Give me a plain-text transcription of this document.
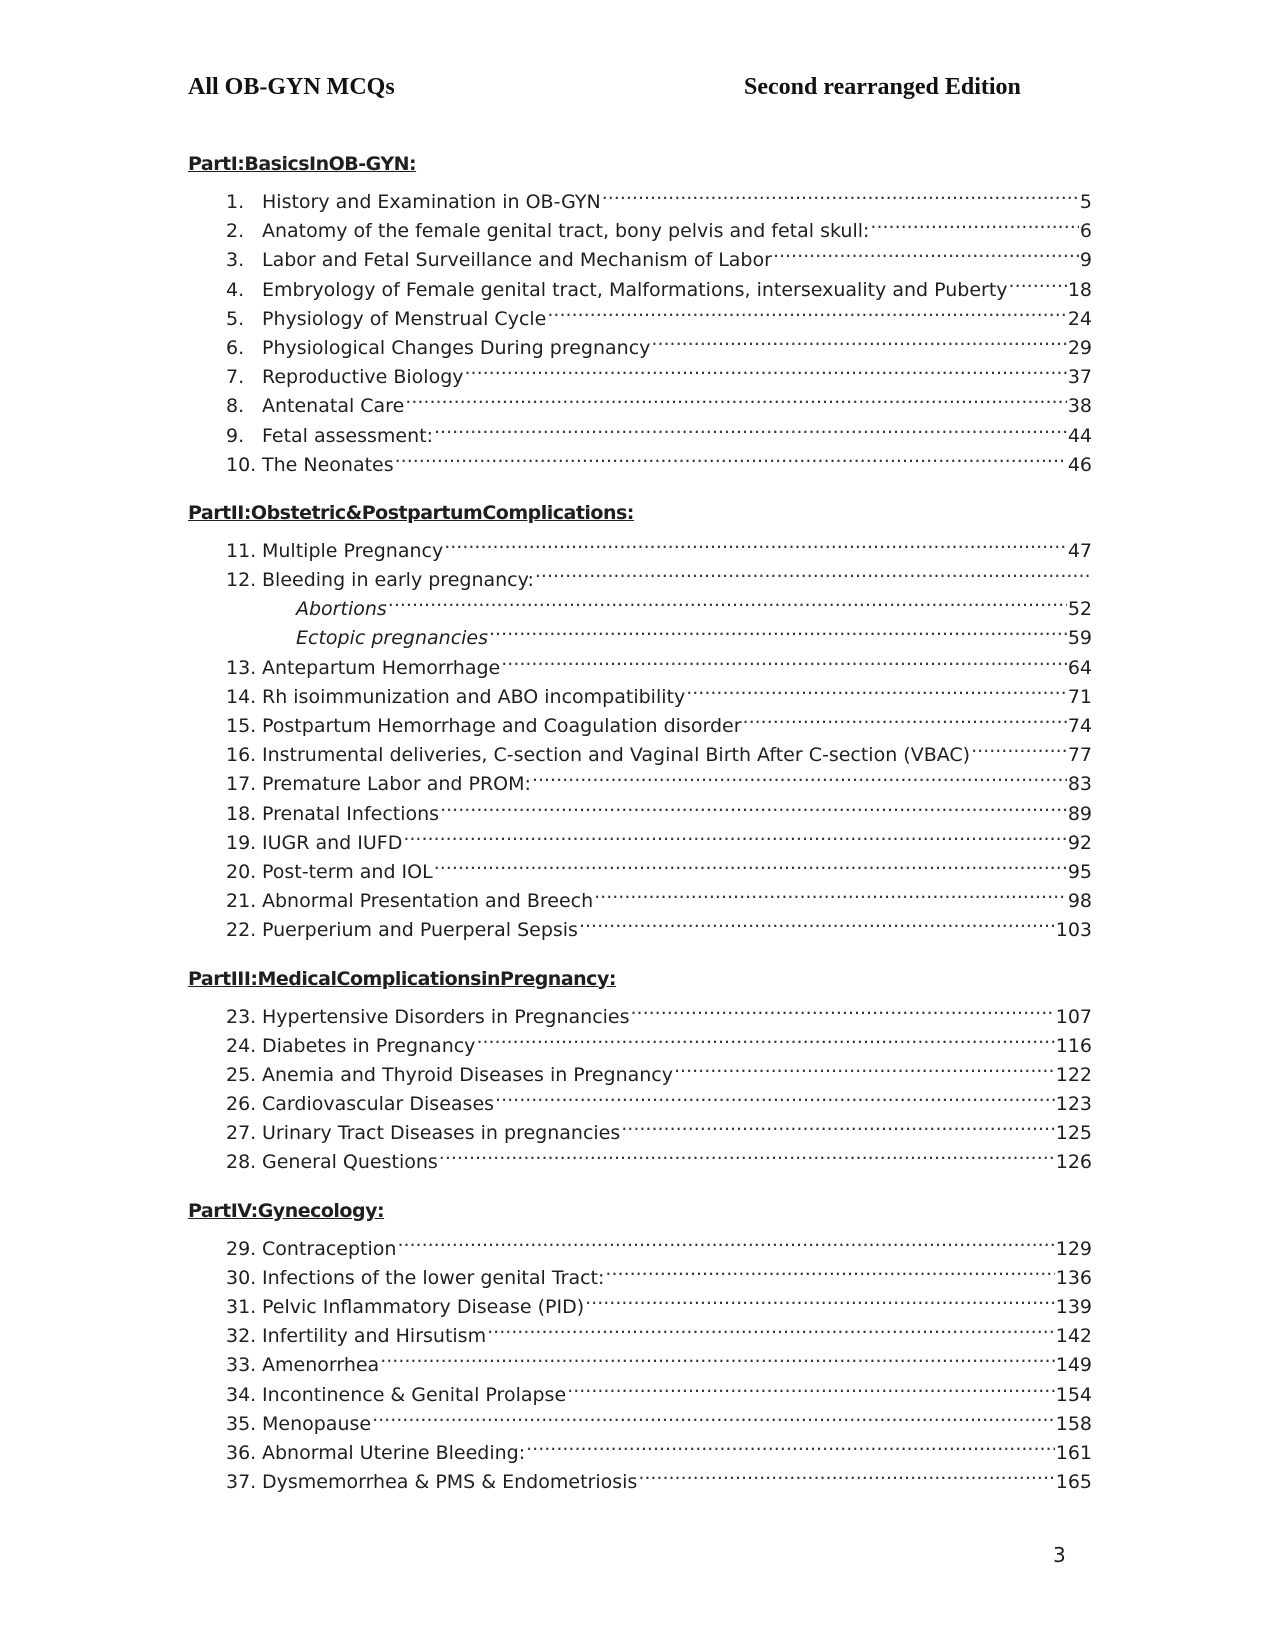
All OB-GYN MCQs	Second rearranged Edition
PartI:BasicsInOB-GYN:
1. History and Examination in OB-GYN .....	5
2. Anatomy of the female genital tract, bony pelvis and fetal skull: .....	6
3. Labor and Fetal Surveillance and Mechanism of Labor .....	9
4. Embryology of Female genital tract, Malformations, intersexuality and Puberty .....	18
5. Physiology of Menstrual Cycle .....	24
6. Physiological Changes During pregnancy .....	29
7. Reproductive Biology .....	37
8. Antenatal Care .....	38
9. Fetal assessment: .....	44
10. The Neonates .....	46
PartII:Obstetric&PostpartumComplications:
11. Multiple Pregnancy .....	47
12. Bleeding in early pregnancy:
.....
Abortions .....	52
Ectopic pregnancies .....	59
13. Antepartum Hemorrhage .....	64
14. Rh isoimmunization and ABO incompatibility .....	71
15. Postpartum Hemorrhage and Coagulation disorder .....	74
16. Instrumental deliveries, C-section and Vaginal Birth After C-section (VBAC) .....	77
17. Premature Labor and PROM: .....	83
18. Prenatal Infections .....	89
19. IUGR and IUFD .....	92
20. Post-term and IOL .....	95
21. Abnormal Presentation and Breech .....	98
22. Puerperium and Puerperal Sepsis .....	103
PartIII:MedicalComplicationsinPregnancy:
23. Hypertensive Disorders in Pregnancies .....	107
24. Diabetes in Pregnancy .....	116
25. Anemia and Thyroid Diseases in Pregnancy .....	122
26. Cardiovascular Diseases .....	123
27. Urinary Tract Diseases in pregnancies .....	125
28. General Questions .....	126
PartIV:Gynecology:
29. Contraception .....	129
30. Infections of the lower genital Tract: .....	136
31. Pelvic Inflammatory Disease (PID) .....	139
32. Infertility and Hirsutism .....	142
33. Amenorrhea .....	149
34. Incontinence & Genital Prolapse .....	154
35. Menopause .....	158
36. Abnormal Uterine Bleeding: .....	161
37. Dysmemorrhea & PMS & Endometriosis .....	165
3
